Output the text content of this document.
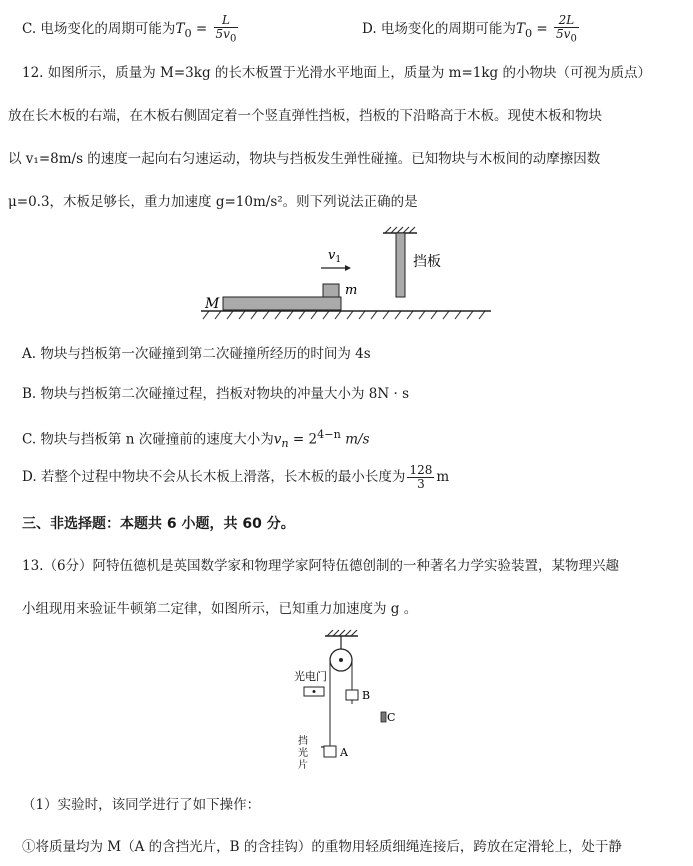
C. 电场变化的周期可能为$T_0 = \frac{L}{5v_0}$	D. 电场变化的周期可能为$T_0 = \frac{2L}{5v_0}$
12. 如图所示，质量为 M=3kg 的长木板置于光滑水平地面上，质量为 m=1kg 的小物块（可视为质点）
放在长木板的右端，在木板右侧固定着一个竖直弹性挡板，挡板的下沿略高于木板。现使木板和物块
以 v₁=8m/s 的速度一起向右匀速运动，物块与挡板发生弹性碰撞。已知物块与木板间的动摩擦因数
μ=0.3，木板足够长，重力加速度 g=10m/s²。则下列说法正确的是
挡板
M
m
$v_1$
A. 物块与挡板第一次碰撞到第二次碰撞所经历的时间为 4s
B. 物块与挡板第二次碰撞过程，挡板对物块的冲量大小为 8N · s
C. 物块与挡板第 n 次碰撞前的速度大小为$v_n = 2^{4-n}$ m/s
D. 若整个过程中物块不会从长木板上滑落，长木板的最小长度为 $\frac{128}{3}$ m
三、非选择题：本题共 6 小题，共 60 分。
13.（6分）阿特伍德机是英国数学家和物理学家阿特伍德创制的一种著名力学实验装置，某物理兴趣
小组现用来验证牛顿第二定律，如图所示，已知重力加速度为 g 。
B
光电门
C
A
挡
光
片
（1）实验时，该同学进行了如下操作：
①将质量均为 M（A 的含挡光片，B 的含挂钩）的重物用轻质细绳连接后，跨放在定滑轮上，处于静
